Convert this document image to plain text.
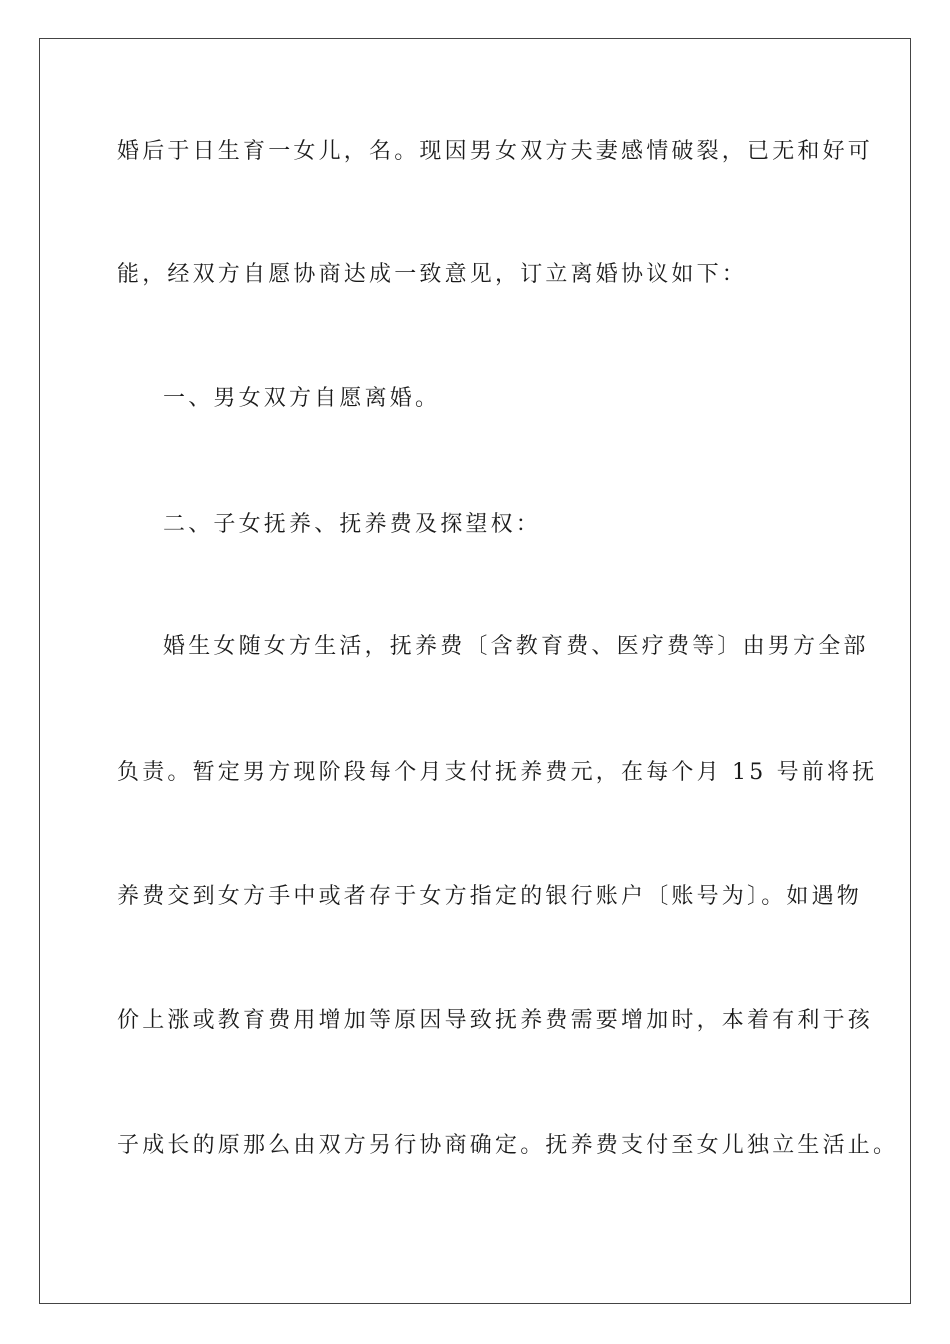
婚后于日生育一女儿，名。现因男女双方夫妻感情破裂，已无和好可
能，经双方自愿协商达成一致意见，订立离婚协议如下：
一、男女双方自愿离婚。
二、子女抚养、抚养费及探望权：
婚生女随女方生活，抚养费〔含教育费、医疗费等〕由男方全部
负责。暂定男方现阶段每个月支付抚养费元，在每个月 15 号前将抚
养费交到女方手中或者存于女方指定的银行账户〔账号为〕。如遇物
价上涨或教育费用增加等原因导致抚养费需要增加时，本着有利于孩
子成长的原那么由双方另行协商确定。抚养费支付至女儿独立生活止。
